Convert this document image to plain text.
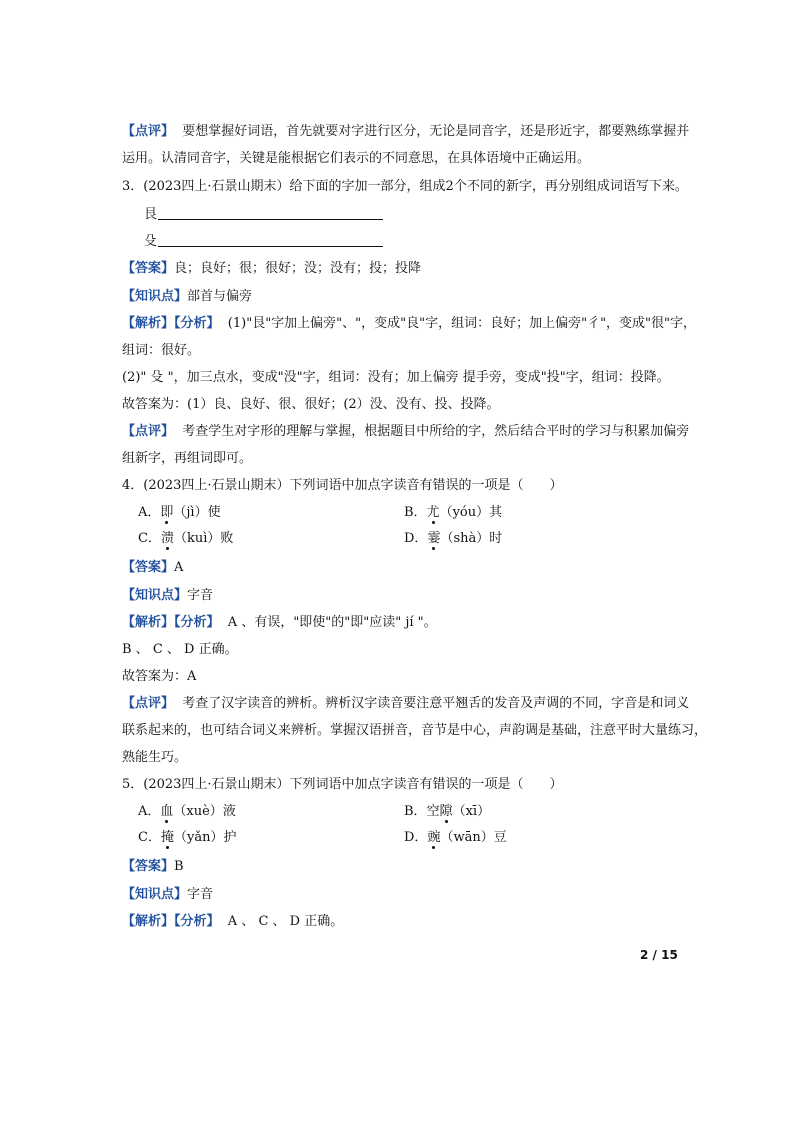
【点评】 要想掌握好词语，首先就要对字进行区分，无论是同音字，还是形近字，都要熟练掌握并
运用。认清同音字，关键是能根据它们表示的不同意思，在具体语境中正确运用。
3．(2023四上·石景山期末）给下面的字加一部分，组成2个不同的新字，再分别组成词语写下来。
艮
殳
【答案】良；良好；很；很好；没；没有；投；投降
【知识点】部首与偏旁
【解析】【分析】 (1)"艮"字加上偏旁"、"，变成"良"字，组词：良好；加上偏旁"彳"，变成"很"字，
组词：很好。
(2)" 殳 "，加三点水，变成"没"字，组词：没有；加上偏旁 提手旁，变成"投"字，组词：投降。
故答案为：(1）良、良好、很、很好；(2）没、没有、投、投降。
【点评】 考查学生对字形的理解与掌握，根据题目中所给的字，然后结合平时的学习与积累加偏旁
组新字，再组词即可。
4．(2023四上·石景山期末）下列词语中加点字读音有错误的一项是（　　）
A．即（jì）使	B．尤（yóu）其
C．溃（kuì）败	D．霎（shà）时
【答案】A
【知识点】字音
【解析】【分析】 A 、有误，"即使"的"即"应读" jí "。
B 、 C 、 D 正确。
故答案为：A
【点评】 考查了汉字读音的辨析。辨析汉字读音要注意平翘舌的发音及声调的不同，字音是和词义
联系起来的，也可结合词义来辨析。掌握汉语拼音，音节是中心，声韵调是基础，注意平时大量练习，
熟能生巧。
5．(2023四上·石景山期末）下列词语中加点字读音有错误的一项是（　　）
A．血（xuè）液	B．空隙（xī）
C．掩（yǎn）护	D．豌（wān）豆
【答案】B
【知识点】字音
【解析】【分析】 A 、 C 、 D 正确。
2 / 15
